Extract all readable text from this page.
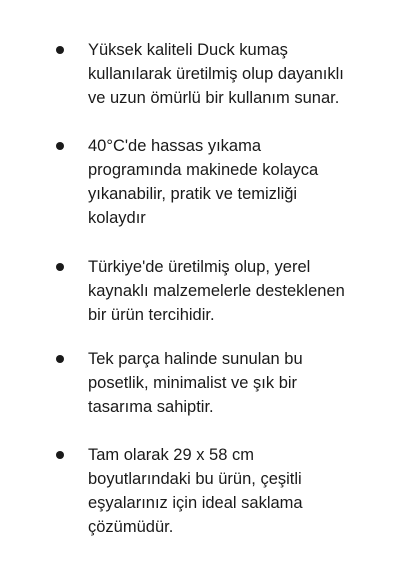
Yüksek kaliteli Duck kumaş
kullanılarak üretilmiş olup dayanıklı
ve uzun ömürlü bir kullanım sunar.
40°C'de hassas yıkama
programında makinede kolayca
yıkanabilir, pratik ve temizliği
kolaydır
Türkiye'de üretilmiş olup, yerel
kaynaklı malzemelerle desteklenen
bir ürün tercihidir.
Tek parça halinde sunulan bu
posetlik, minimalist ve şık bir
tasarıma sahiptir.
Tam olarak 29 x 58 cm
boyutlarındaki bu ürün, çeşitli
eşyalarınız için ideal saklama
çözümüdür.
